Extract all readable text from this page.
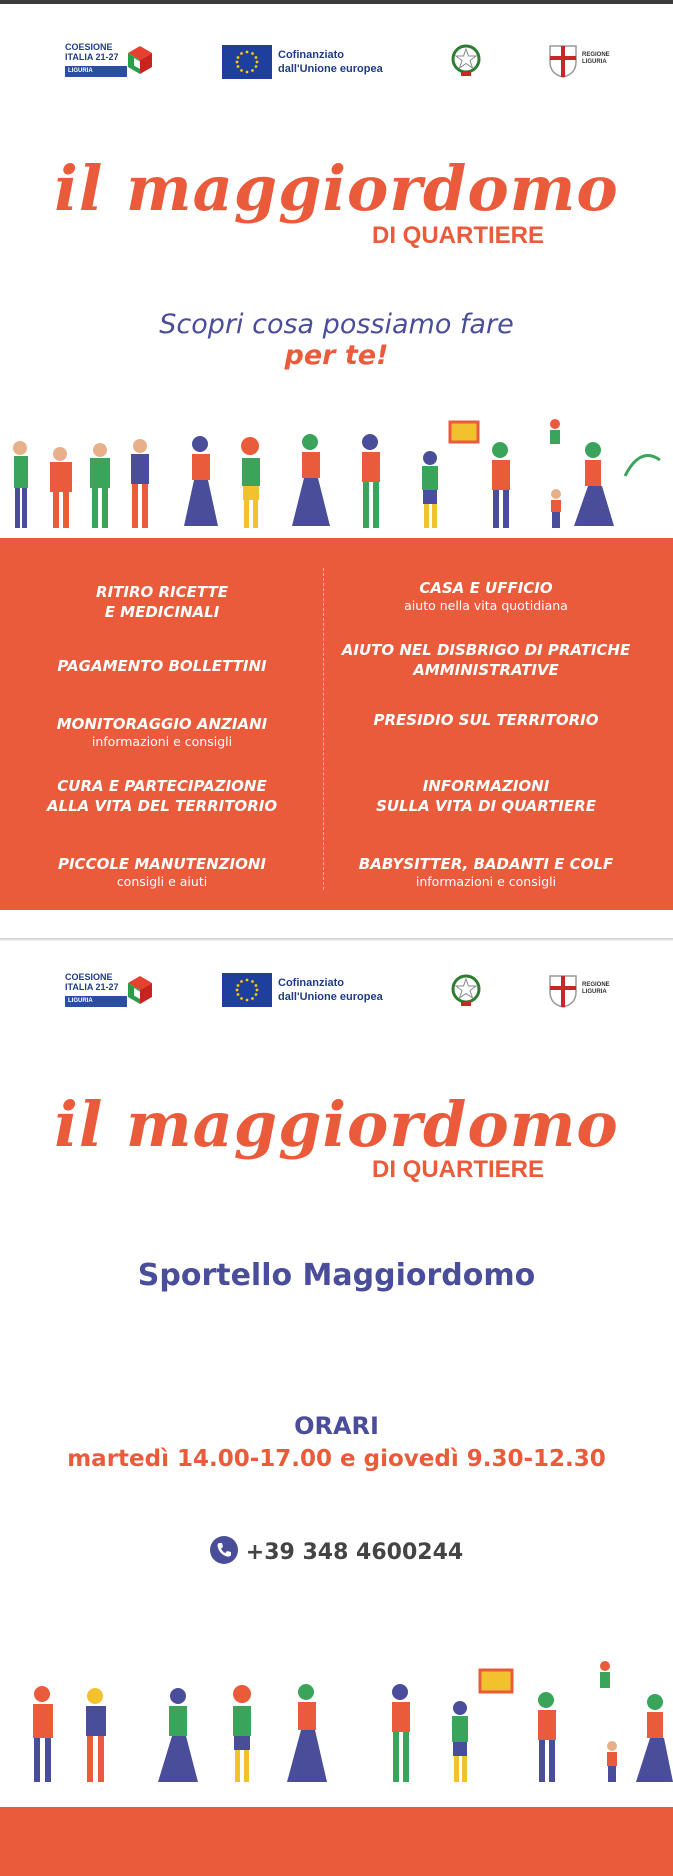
COESIONE
ITALIA 21-27
LIGURIA
Cofinanziato
dall'Unione europea
REGIONE
LIGURIA
il maggiordomo
DI QUARTIERE
Scopri cosa possiamo fare
per te!
RITIRO RICETTE
E MEDICINALI
PAGAMENTO BOLLETTINI
MONITORAGGIO ANZIANI
informazioni e consigli
CURA E PARTECIPAZIONE
ALLA VITA DEL TERRITORIO
PICCOLE MANUTENZIONI
consigli e aiuti
CASA E UFFICIO
aiuto nella vita quotidiana
AIUTO NEL DISBRIGO DI PRATICHE
AMMINISTRATIVE
PRESIDIO SUL TERRITORIO
INFORMAZIONI
SULLA VITA DI QUARTIERE
BABYSITTER, BADANTI E COLF
informazioni e consigli
COESIONE
ITALIA 21-27
LIGURIA
Cofinanziato
dall'Unione europea
REGIONE
LIGURIA
il maggiordomo
DI QUARTIERE
Sportello Maggiordomo
ORARI
martedì 14.00-17.00 e giovedì 9.30-12.30
+39 348 4600244
